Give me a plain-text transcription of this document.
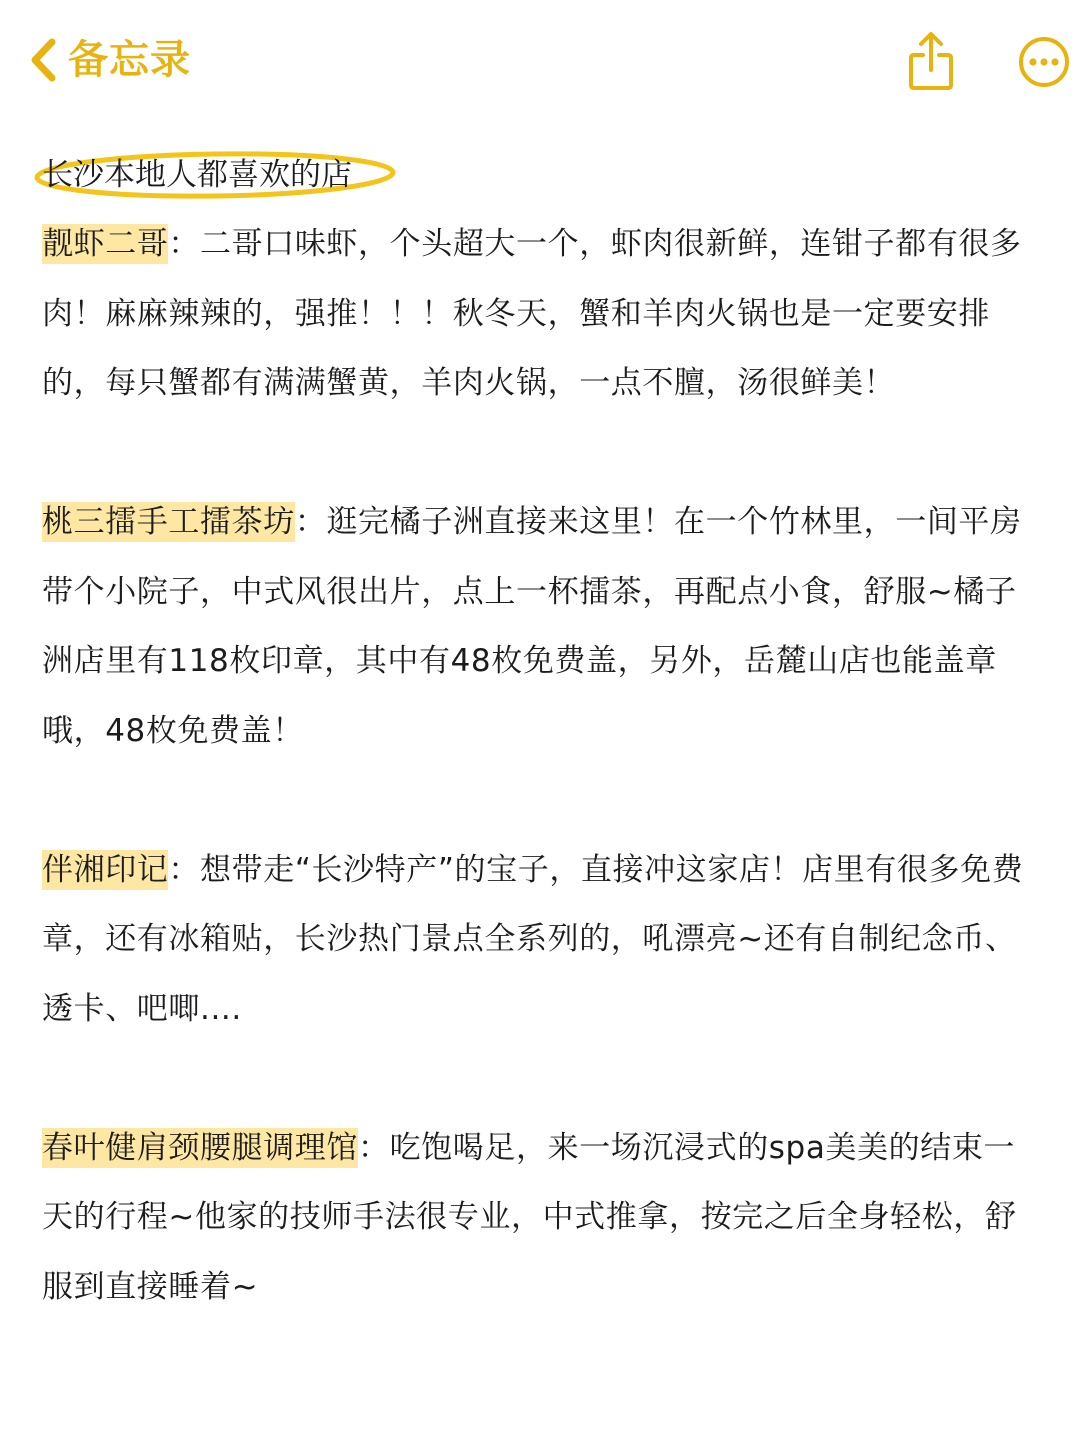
备忘录
长沙本地人都喜欢的店

靓虾二哥：二哥口味虾，个头超大一个，虾肉很新鲜，连钳子都有很多肉！麻麻辣辣的，强推！！！秋冬天，蟹和羊肉火锅也是一定要安排的，每只蟹都有满满蟹黄，羊肉火锅，一点不膻，汤很鲜美！

桃三擂手工擂茶坊：逛完橘子洲直接来这里！在一个竹林里，一间平房带个小院子，中式风很出片，点上一杯擂茶，再配点小食，舒服~橘子洲店里有118枚印章，其中有48枚免费盖，另外，岳麓山店也能盖章哦，48枚免费盖！

伴湘印记：想带走“长沙特产”的宝子，直接冲这家店！店里有很多免费章，还有冰箱贴，长沙热门景点全系列的，吼漂亮~还有自制纪念币、透卡、吧唧....

春叶健肩颈腰腿调理馆：吃饱喝足，来一场沉浸式的spa美美的结束一天的行程~他家的技师手法很专业，中式推拿，按完之后全身轻松，舒服到直接睡着~
